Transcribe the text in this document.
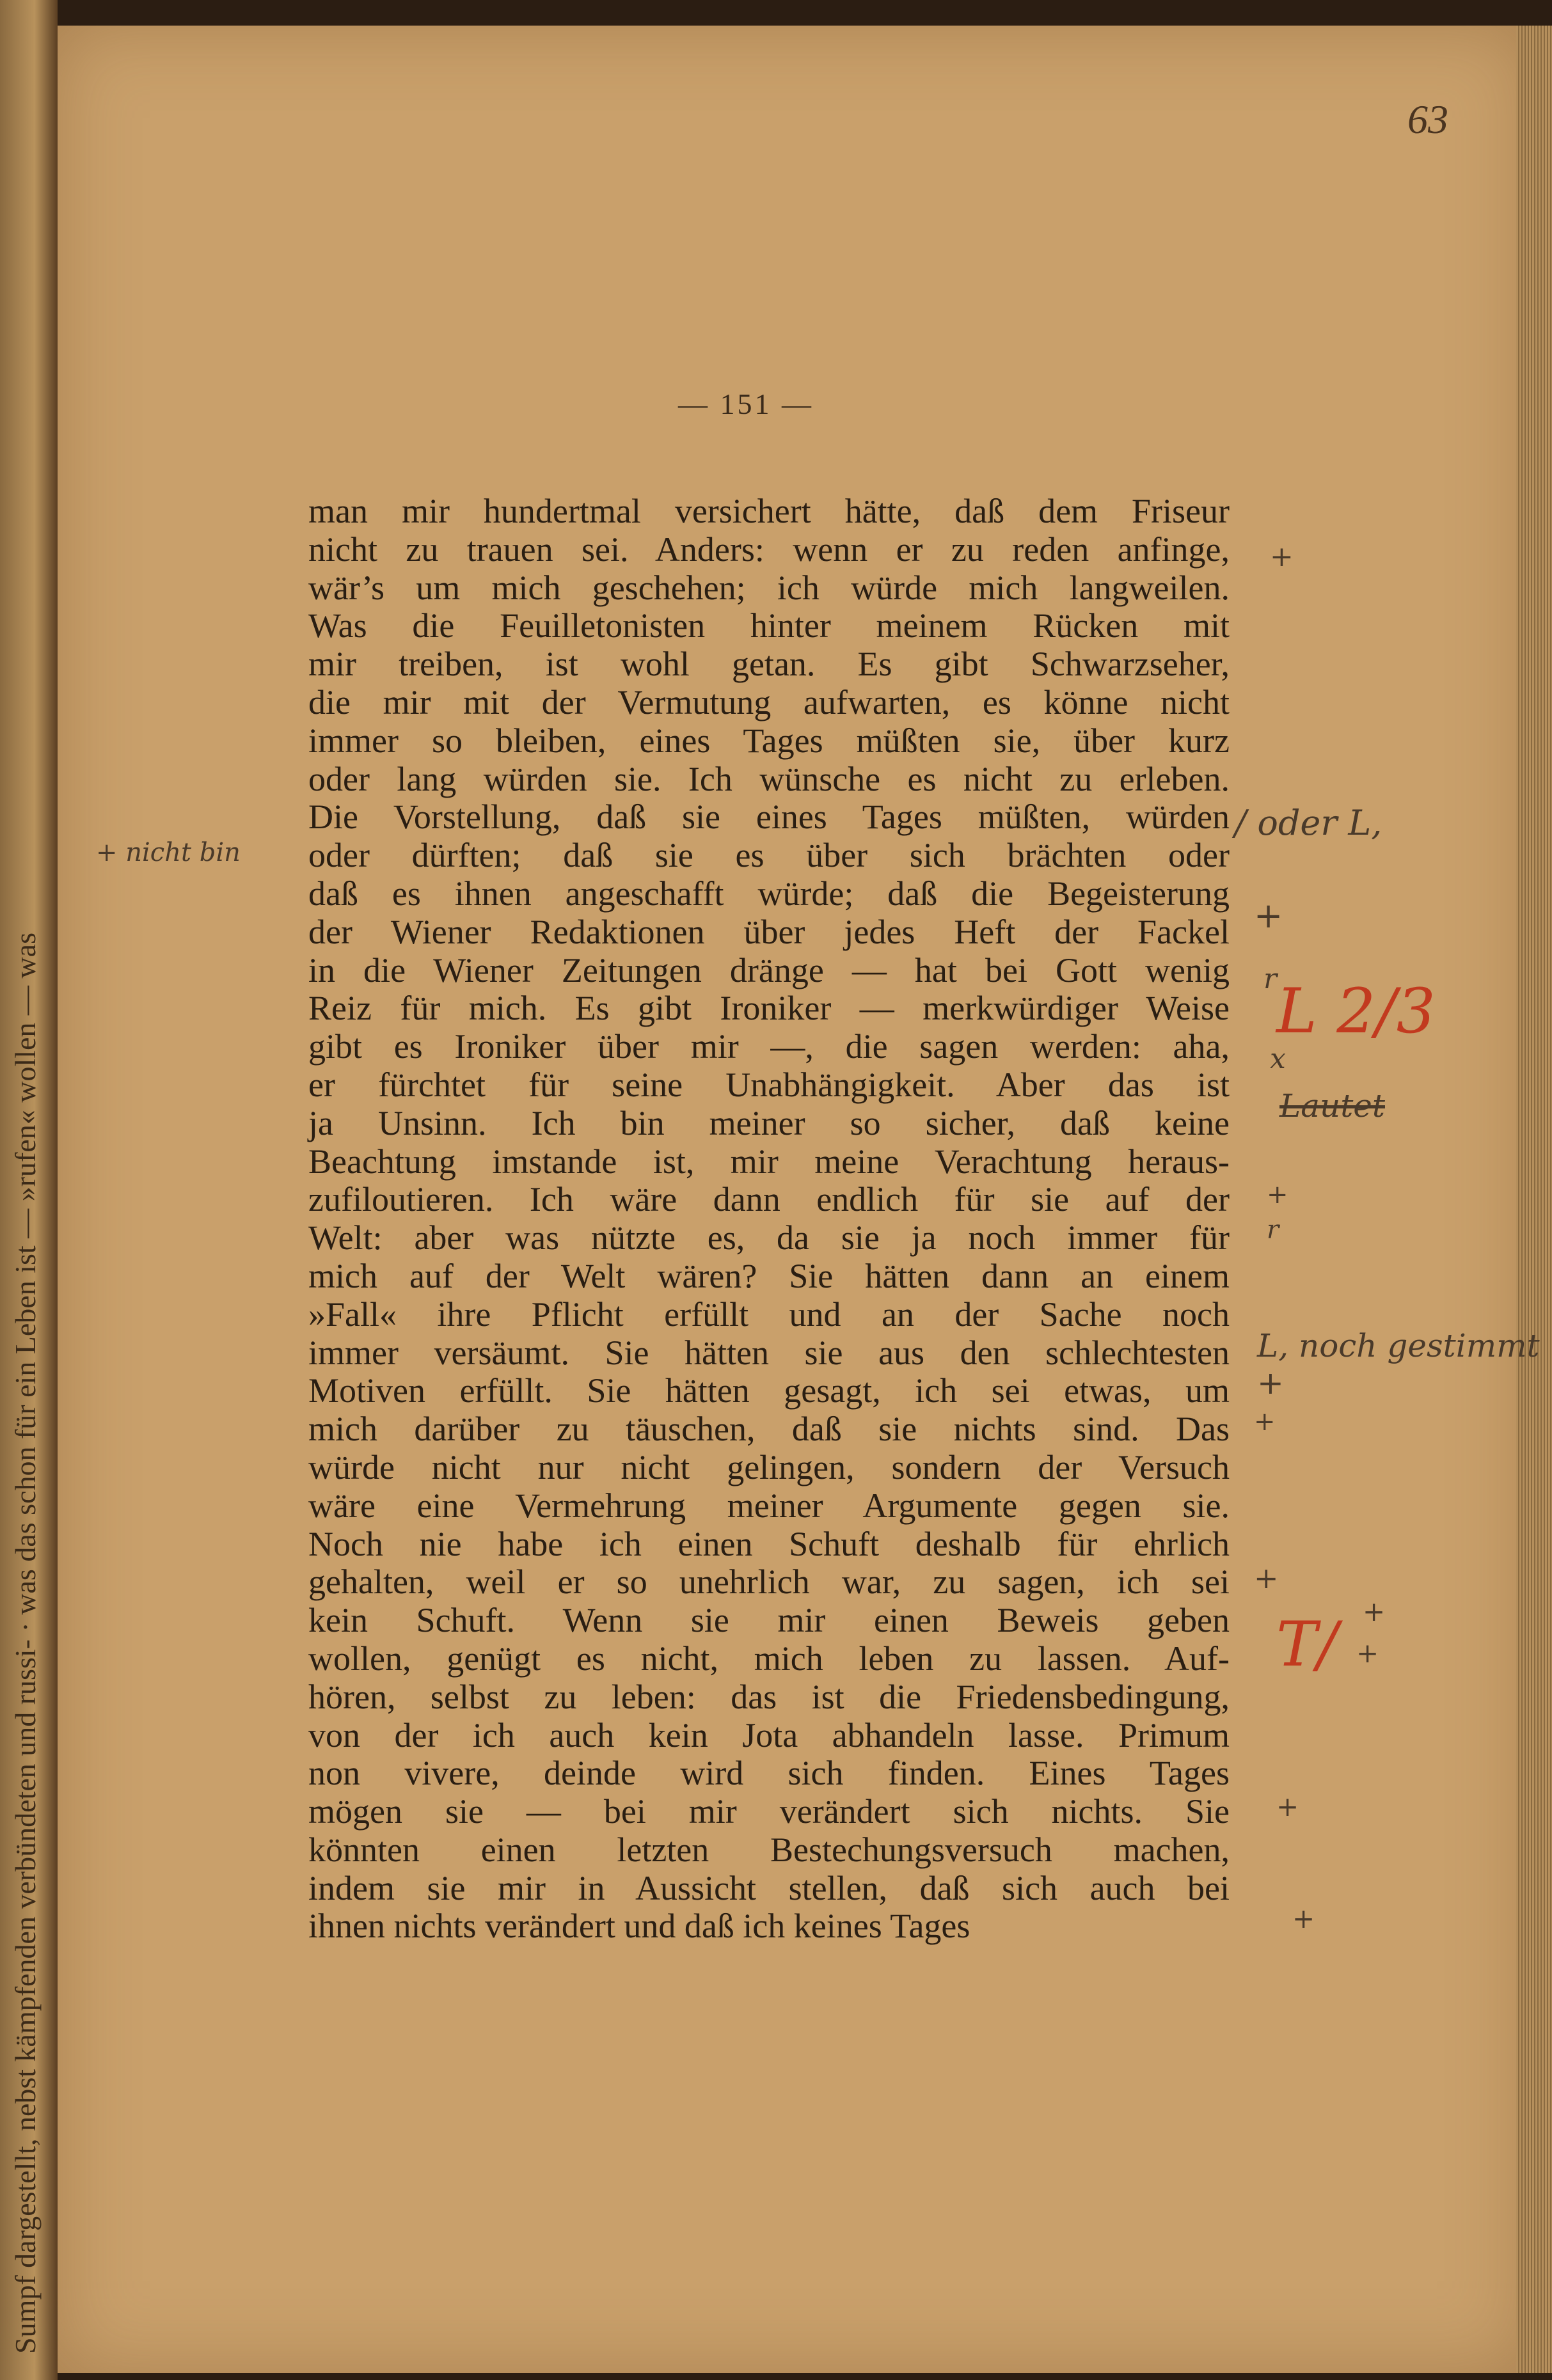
Sumpf dargestellt, nebst kämpfenden verbündeten und russi- · was das schon für ein Leben ist — »rufen« wollen — was
63
— 151 —
man mir hundertmal versichert hätte, daß dem Friseur
nicht zu trauen sei. Anders: wenn er zu reden anfinge,
wär’s um mich geschehen; ich würde mich langweilen.
Was die Feuilletonisten hinter meinem Rücken mit
mir treiben, ist wohl getan. Es gibt Schwarzseher,
die mir mit der Vermutung aufwarten, es könne nicht
immer so bleiben, eines Tages müßten sie, über kurz
oder lang würden sie. Ich wünsche es nicht zu erleben.
Die Vorstellung, daß sie eines Tages müßten, würden
oder dürften; daß sie es über sich brächten oder
daß es ihnen angeschafft würde; daß die Begeisterung
der Wiener Redaktionen über jedes Heft der Fackel
in die Wiener Zeitungen dränge — hat bei Gott wenig
Reiz für mich. Es gibt Ironiker — merkwürdiger Weise
gibt es Ironiker über mir —, die sagen werden: aha,
er fürchtet für seine Unabhängigkeit. Aber das ist
ja Unsinn. Ich bin meiner so sicher, daß keine
Beachtung imstande ist, mir meine Verachtung heraus-
zufiloutieren. Ich wäre dann endlich für sie auf der
Welt: aber was nützte es, da sie ja noch immer für
mich auf der Welt wären? Sie hätten dann an einem
»Fall« ihre Pflicht erfüllt und an der Sache noch
immer versäumt. Sie hätten sie aus den schlechtesten
Motiven erfüllt. Sie hätten gesagt, ich sei etwas, um
mich darüber zu täuschen, daß sie nichts sind. Das
würde nicht nur nicht gelingen, sondern der Versuch
wäre eine Vermehrung meiner Argumente gegen sie.
Noch nie habe ich einen Schuft deshalb für ehrlich
gehalten, weil er so unehrlich war, zu sagen, ich sei
kein Schuft. Wenn sie mir einen Beweis geben
wollen, genügt es nicht, mich leben zu lassen. Auf-
hören, selbst zu leben: das ist die Friedensbedingung,
von der ich auch kein Jota abhandeln lasse. Primum
non vivere, deinde wird sich finden. Eines Tages
mögen sie — bei mir verändert sich nichts. Sie
könnten einen letzten Bestechungsversuch machen,
indem sie mir in Aussicht stellen, daß sich auch bei
ihnen nichts verändert und daß ich keines Tages
+ nicht bin
+
/ oder L,
+
r
L 2/3
x
Lautet
+
r
L, noch gestimmt +
+
+
T/ +
+
+
+
